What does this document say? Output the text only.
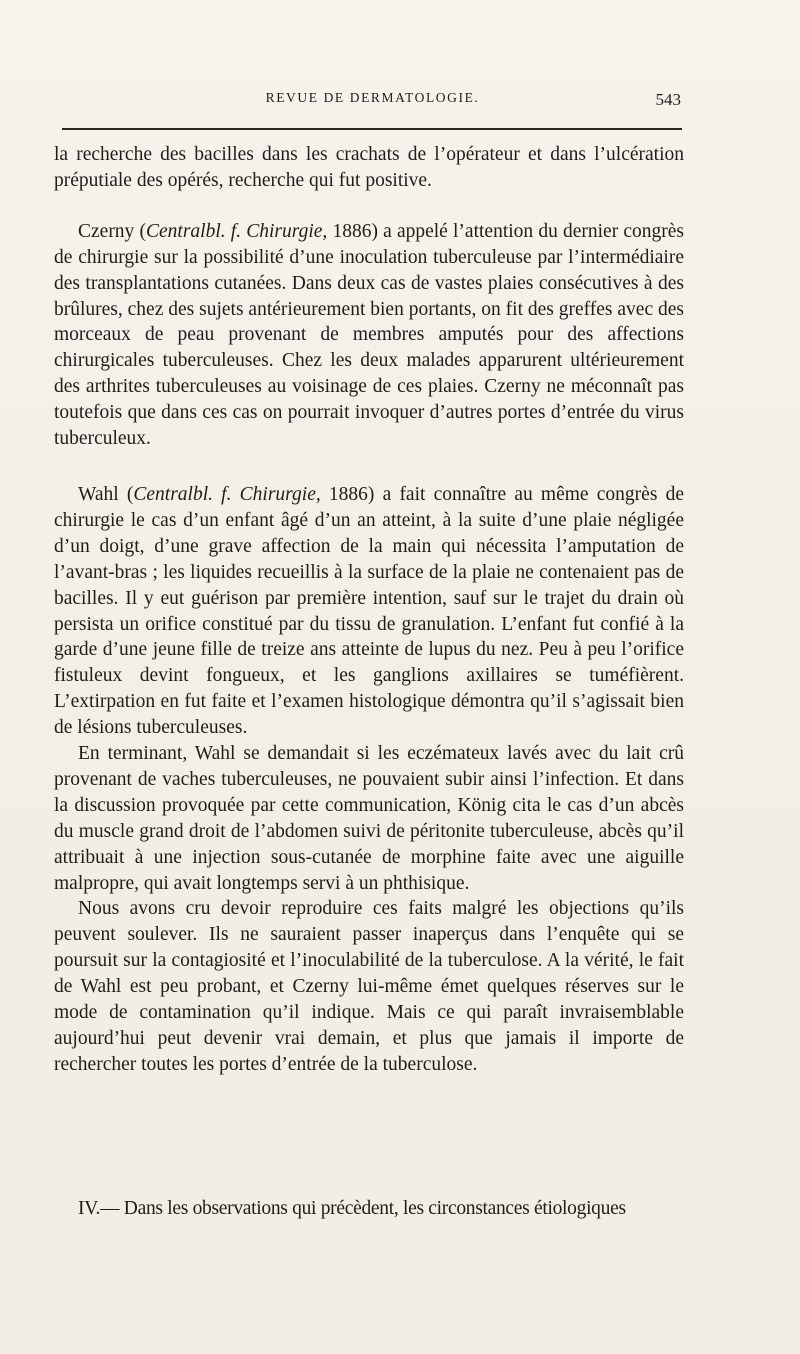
REVUE DE DERMATOLOGIE.	543

la recherche des bacilles dans les crachats de l’opérateur et dans l’ulcération préputiale des opérés, recherche qui fut positive.

Czerny (Centralbl. f. Chirurgie, 1886) a appelé l’attention du dernier congrès de chirurgie sur la possibilité d’une inoculation tuberculeuse par l’intermédiaire des transplantations cutanées. Dans deux cas de vastes plaies consécutives à des brûlures, chez des sujets antérieurement bien portants, on fit des greffes avec des morceaux de peau provenant de membres amputés pour des affections chirurgicales tuberculeuses. Chez les deux malades apparurent ultérieurement des arthrites tuberculeuses au voisinage de ces plaies. Czerny ne méconnaît pas toutefois que dans ces cas on pourrait invoquer d’autres portes d’entrée du virus tuberculeux.

Wahl (Centralbl. f. Chirurgie, 1886) a fait connaître au même congrès de chirurgie le cas d’un enfant âgé d’un an atteint, à la suite d’une plaie négligée d’un doigt, d’une grave affection de la main qui nécessita l’amputation de l’avant-bras ; les liquides recueillis à la surface de la plaie ne contenaient pas de bacilles. Il y eut guérison par première intention, sauf sur le trajet du drain où persista un orifice constitué par du tissu de granulation. L’enfant fut confié à la garde d’une jeune fille de treize ans atteinte de lupus du nez. Peu à peu l’orifice fistuleux devint fongueux, et les ganglions axillaires se tuméfièrent. L’extirpation en fut faite et l’examen histologique démontra qu’il s’agissait bien de lésions tuberculeuses.

En terminant, Wahl se demandait si les eczémateux lavés avec du lait crû provenant de vaches tuberculeuses, ne pouvaient subir ainsi l’infection. Et dans la discussion provoquée par cette communication, König cita le cas d’un abcès du muscle grand droit de l’abdomen suivi de péritonite tuberculeuse, abcès qu’il attribuait à une injection sous-cutanée de morphine faite avec une aiguille malpropre, qui avait longtemps servi à un phthisique.

Nous avons cru devoir reproduire ces faits malgré les objections qu’ils peuvent soulever. Ils ne sauraient passer inaperçus dans l’enquête qui se poursuit sur la contagiosité et l’inoculabilité de la tuberculose. A la vérité, le fait de Wahl est peu probant, et Czerny lui-même émet quelques réserves sur le mode de contamination qu’il indique. Mais ce qui paraît invraisemblable aujourd’hui peut devenir vrai demain, et plus que jamais il importe de rechercher toutes les portes d’entrée de la tuberculose.

IV.— Dans les observations qui précèdent, les circonstances étiologiques
